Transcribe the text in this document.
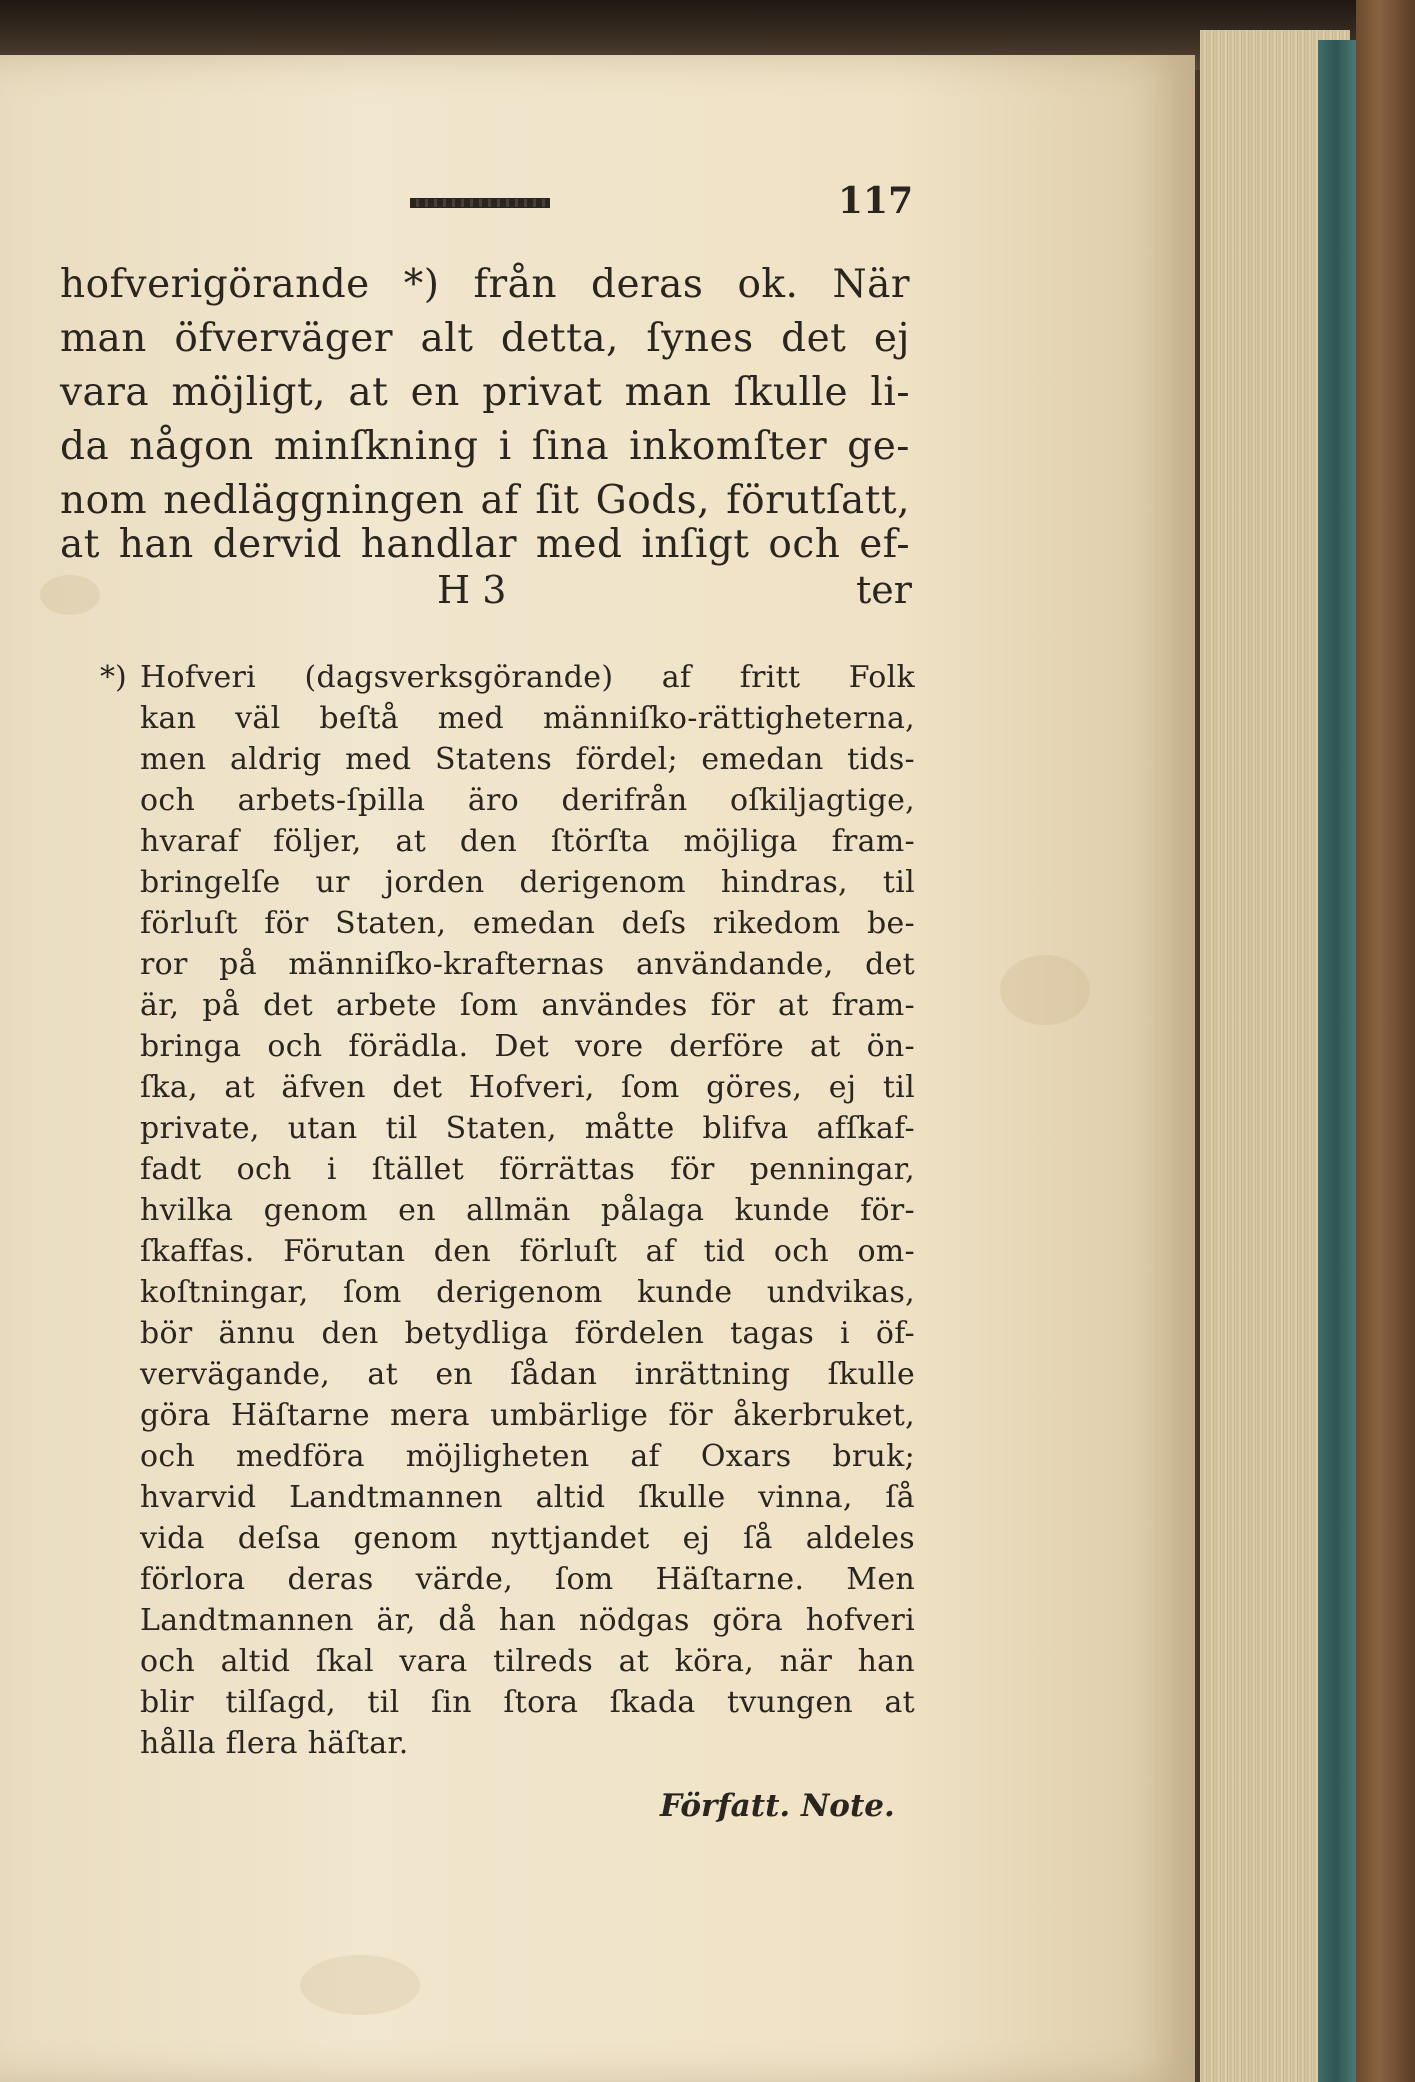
117
hofverigörande *) från deras ok. När
man öfverväger alt detta, ſynes det ej
vara möjligt, at en privat man ſkulle li-
da någon minſkning i ſina inkomſter ge-
nom nedläggningen af ſit Gods, förutſatt,
at han dervid handlar med inſigt och ef-
H 3	ter
*) Hofveri (dagsverksgörande) af fritt Folk
kan väl beſtå med männiſko-rättigheterna,
men aldrig med Statens fördel; emedan tids-
och arbets-ſpilla äro derifrån oſkiljagtige,
hvaraf följer, at den ſtörſta möjliga fram-
bringelſe ur jorden derigenom hindras, til
förluſt för Staten, emedan deſs rikedom be-
ror på männiſko-krafternas användande, det
är, på det arbete ſom användes för at fram-
bringa och förädla. Det vore derföre at ön-
ſka, at äfven det Hofveri, ſom göres, ej til
private, utan til Staten, måtte blifva afſkaf-
fadt och i ſtället förrättas för penningar,
hvilka genom en allmän pålaga kunde för-
ſkaffas. Förutan den förluſt af tid och om-
koſtningar, ſom derigenom kunde undvikas,
bör ännu den betydliga fördelen tagas i öf-
vervägande, at en ſådan inrättning ſkulle
göra Häſtarne mera umbärlige för åkerbruket,
och medföra möjligheten af Oxars bruk;
hvarvid Landtmannen altid ſkulle vinna, ſå
vida deſsa genom nyttjandet ej ſå aldeles
förlora deras värde, ſom Häſtarne. Men
Landtmannen är, då han nödgas göra hofveri
och altid ſkal vara tilreds at köra, när han
blir tilſagd, til ſin ſtora ſkada tvungen at
hålla flera häſtar.
Författ. Note.
